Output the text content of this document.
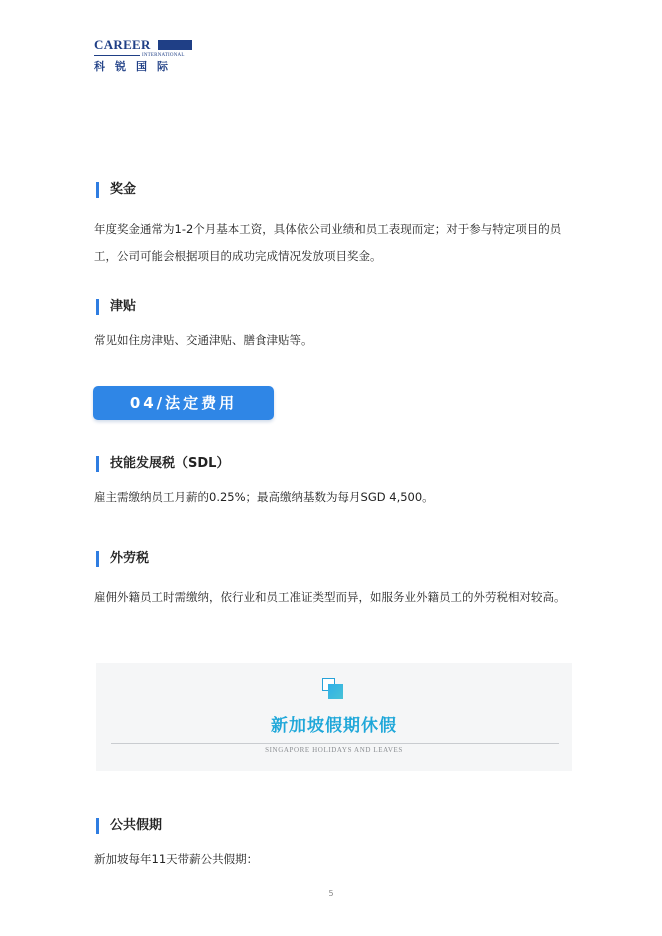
CAREER
INTERNATIONAL
科锐国际
奖金
年度奖金通常为1-2个月基本工资，具体依公司业绩和员工表现而定；对于参与特定项目的员工，公司可能会根据项目的成功完成情况发放项目奖金。
津贴
常见如住房津贴、交通津贴、膳食津贴等。
04/法定费用
技能发展税（SDL）
雇主需缴纳员工月薪的0.25%；最高缴纳基数为每月SGD 4,500。
外劳税
雇佣外籍员工时需缴纳，依行业和员工准证类型而异，如服务业外籍员工的外劳税相对较高。
新加坡假期休假
SINGAPORE HOLIDAYS AND LEAVES
公共假期
新加坡每年11天带薪公共假期：
5
